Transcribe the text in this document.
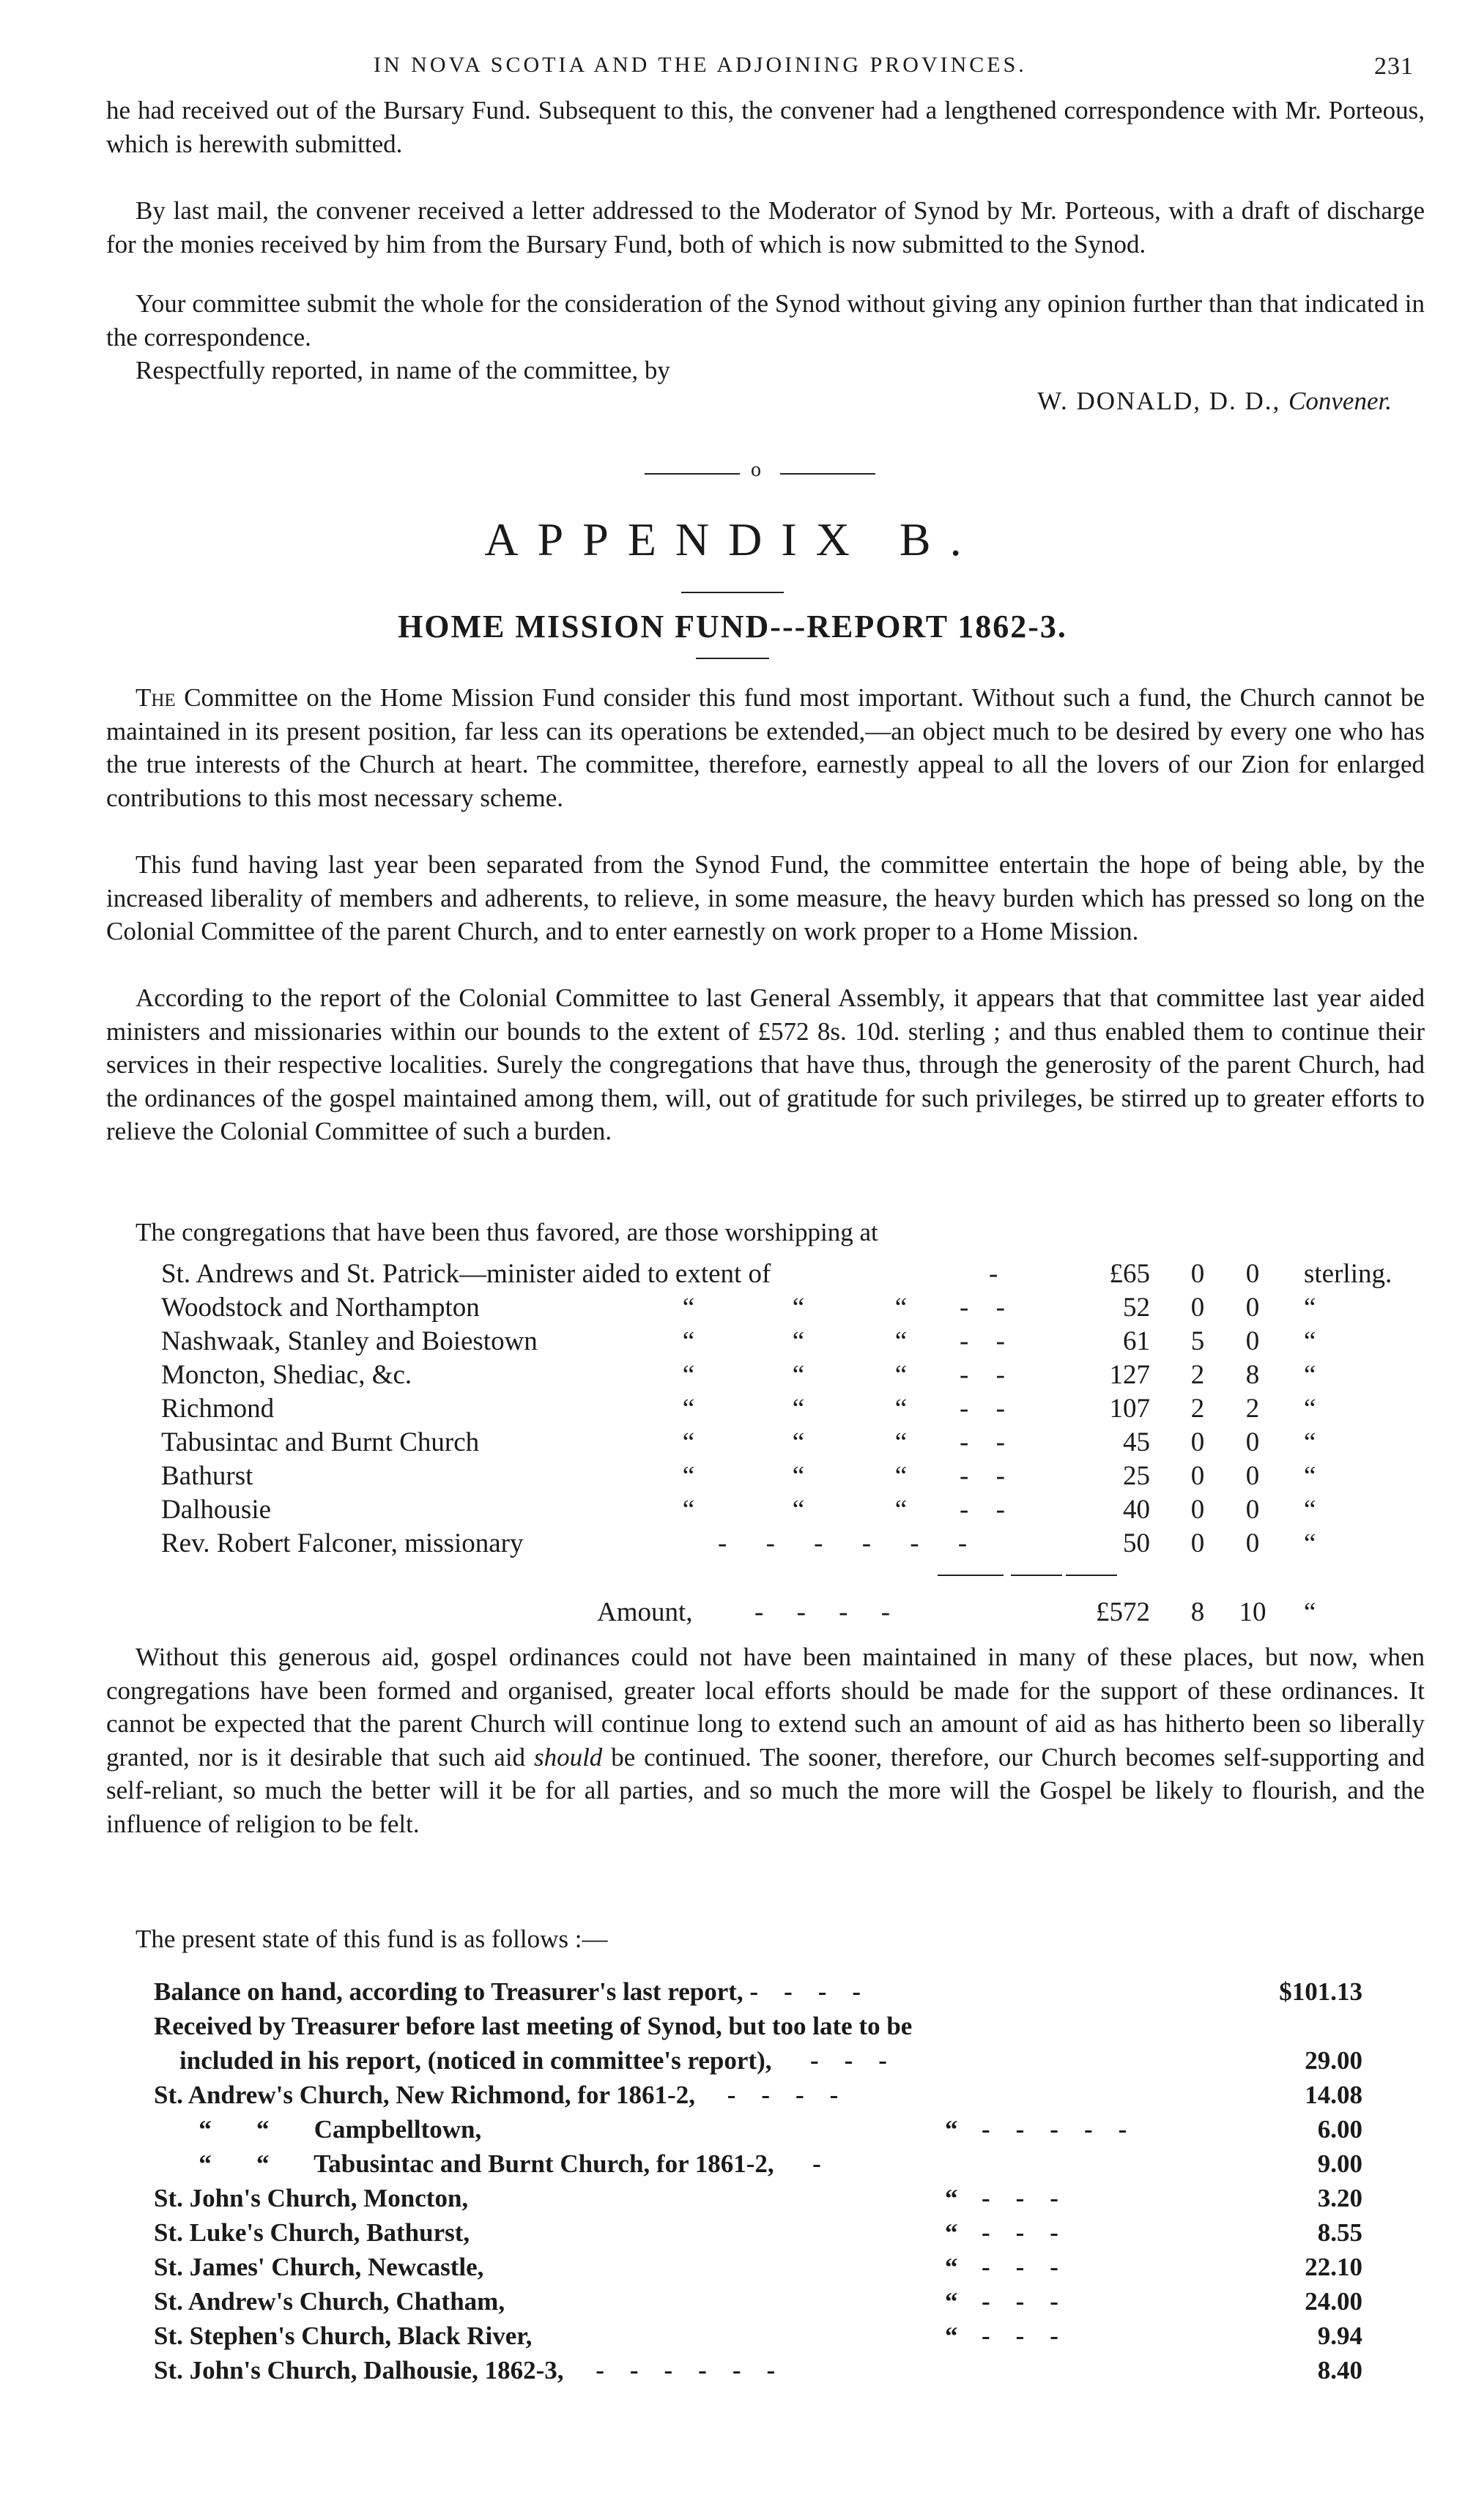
IN NOVA SCOTIA AND THE ADJOINING PROVINCES.	231

he had received out of the Bursary Fund. Subsequent to this, the convener had a lengthened correspondence with Mr. Porteous, which is herewith submitted.

By last mail, the convener received a letter addressed to the Moderator of Synod by Mr. Porteous, with a draft of discharge for the monies received by him from the Bursary Fund, both of which is now submitted to the Synod.

Your committee submit the whole for the consideration of the Synod without giving any opinion further than that indicated in the correspondence.

Respectfully reported, in name of the committee, by

W. DONALD, D. D., Convener.
o
APPENDIX B.
HOME MISSION FUND---REPORT 1862-3.

The Committee on the Home Mission Fund consider this fund most important. Without such a fund, the Church cannot be maintained in its present position, far less can its operations be extended,—an object much to be desired by every one who has the true interests of the Church at heart. The committee, therefore, earnestly appeal to all the lovers of our Zion for enlarged contributions to this most necessary scheme.

This fund having last year been separated from the Synod Fund, the committee entertain the hope of being able, by the increased liberality of members and adherents, to relieve, in some measure, the heavy burden which has pressed so long on the Colonial Committee of the parent Church, and to enter earnestly on work proper to a Home Mission.

According to the report of the Colonial Committee to last General Assembly, it appears that that committee last year aided ministers and missionaries within our bounds to the extent of £572 8s. 10d. sterling ; and thus enabled them to continue their services in their respective localities. Surely the congregations that have thus, through the generosity of the parent Church, had the ordinances of the gospel maintained among them, will, out of gratitude for such privileges, be stirred up to greater efforts to relieve the Colonial Committee of such a burden.

The congregations that have been thus favored, are those worshipping at

St. Andrews and St. Patrick—minister aided to extent of	-	£65 0	0	sterling.
Woodstock and Northampton	“	“	“	- -	52 0	0	“
Nashwaak, Stanley and Boiestown	“	“	“	- -	61 5	0	“
Moncton, Shediac, &c.	“	“	“	- -	127 2	8	“
Richmond	“	“	“	- -	107 2	2	“
Tabusintac and Burnt Church	“	“	“	- -	45 0	0	“
Bathurst	“	“	“	- -	25 0	0	“
Dalhousie	“	“	“	- -	40 0	0	“
Rev. Robert Falconer, missionary	- - - - - -	50 0	0	“
Amount, - - - -	£572 8	10	“

Without this generous aid, gospel ordinances could not have been maintained in many of these places, but now, when congregations have been formed and organised, greater local efforts should be made for the support of these ordinances. It cannot be expected that the parent Church will continue long to extend such an amount of aid as has hitherto been so liberally granted, nor is it desirable that such aid should be continued. The sooner, therefore, our Church becomes self-supporting and self-reliant, so much the better will it be for all parties, and so much the more will the Gospel be likely to flourish, and the influence of religion to be felt.

The present state of this fund is as follows :—

Balance on hand, according to Treasurer's last report, -    -    -    -	$101.13
Received by Treasurer before last meeting of Synod, but too late to be
included in his report, (noticed in committee's report),      -    -    -	29.00
St. Andrew's Church, New Richmond, for 1861-2,     -    -    -    -	14.08
“       “       Campbelltown,	“ -    -    -    -    -	6.00
“       “       Tabusintac and Burnt Church, for 1861-2,      -	9.00
St. John's Church, Moncton,	“ -    -    -	3.20
St. Luke's Church, Bathurst,	“ -    -    -	8.55
St. James' Church, Newcastle,	“ -    -    -	22.10
St. Andrew's Church, Chatham,	“ -    -    -	24.00
St. Stephen's Church, Black River,	“ -    -    -	9.94
St. John's Church, Dalhousie, 1862-3,     -    -    -    -    -    -	8.40
